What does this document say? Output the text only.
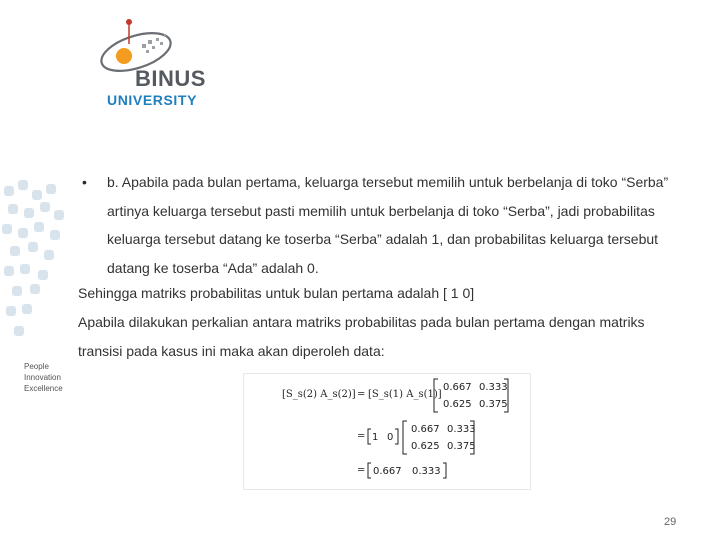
People
Innovation
Excellence
BINUS
UNIVERSITY
• b. Apabila pada bulan pertama, keluarga tersebut memilih untuk berbelanja di toko “Serba” artinya keluarga tersebut pasti memilih untuk berbelanja di toko “Serba”, jadi probabilitas keluarga tersebut datang ke toserba “Serba” adalah 1, dan probabilitas keluarga tersebut datang ke toserba “Ada” adalah 0.
Sehingga matriks probabilitas untuk bulan pertama adalah [ 1 0]
Apabila dilakukan perkalian antara matriks probabilitas pada bulan pertama dengan matriks transisi pada kasus ini maka akan diperoleh data:
[S_s(2) A_s(2)] = [S_s(1) A_s(1)]
0.667 0.333
0.625 0.375
= 1 0
0.667 0.333
0.625 0.375
= 0.667 0.333
29
